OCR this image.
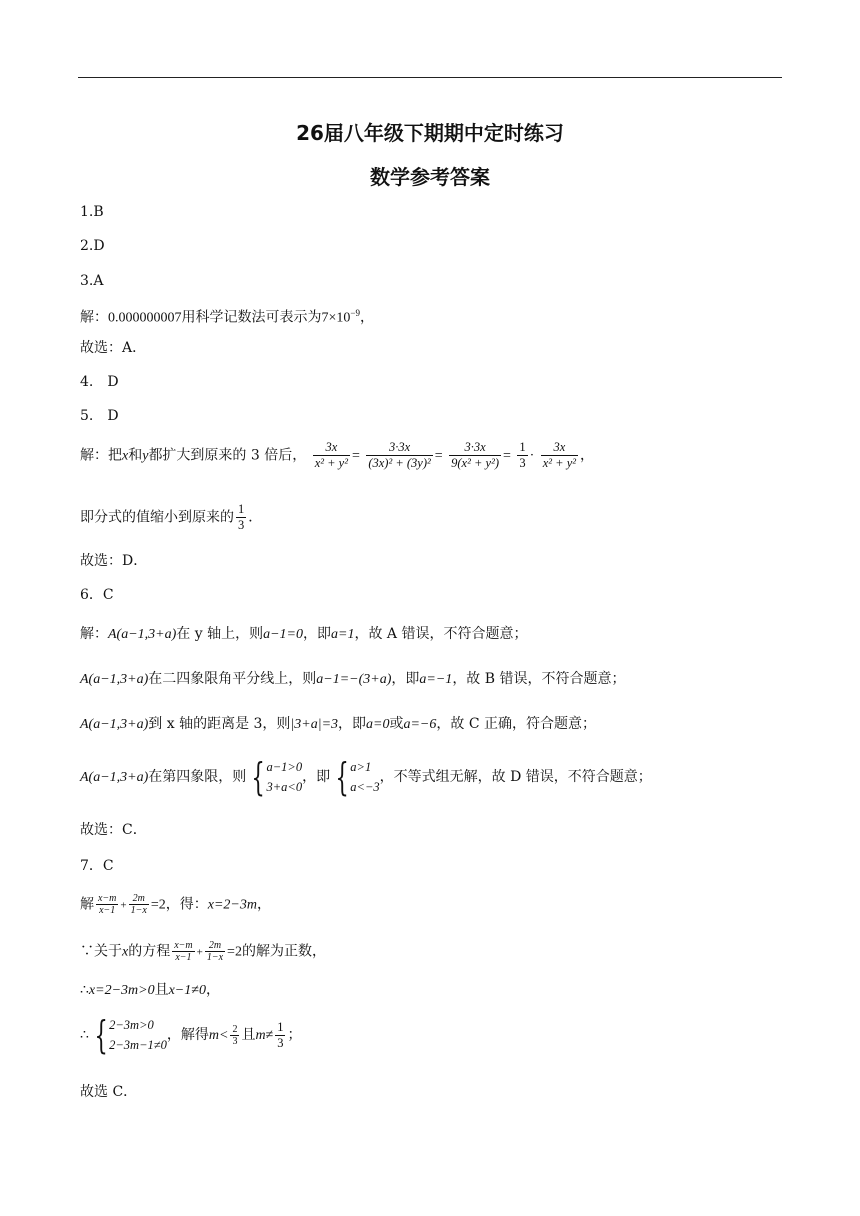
26届八年级下期期中定时练习
数学参考答案
1.B
2.D
3.A
解：0.000000007用科学记数法可表示为$7\times 10^{-9}$，
故选：A．
4.　D
5.　D
解：把x和y都扩大到原来的 3 倍后， $\frac{3x}{\text{x² + y²}} = \frac{3\cdot 3x}{\text{(3x)² + (3y)²}} = \frac{3\cdot 3x}{\text{9(x² + y²)}} = \frac{1}{3} \cdot \frac{3x}{\text{x² + y²}}$ ，
即分式的值缩小到原来的 $\frac{1}{3}$ ．
故选：D．
6．C
解：A(a−1,3+a)在 y 轴上，则a−1=0，即a=1，故 A 错误，不符合题意；
A(a−1,3+a)在二四象限角平分线上，则a−1=−(3+a)，即a=−1，故 B 错误，不符合题意；
A(a−1,3+a)到 x 轴的距离是 3，则|3+a|=3，即a=0或a=−6，故 C 正确，符合题意；
A(a−1,3+a)在第四象限，则 { a−1>0
3+a<0
，即 { a>1
a<−3
，不等式组无解，故 D 错误，不符合题意；
故选：C．
7．C
解 $\frac{x-m}{x-1} + \frac{2m}{1-x} =2$，得：x=2−3m，
∵关于x的方程 $\frac{x-m}{x-1} + \frac{2m}{1-x} =2$的解为正数，
∴x=2−3m>0且x−1≠0，
∴ { 2−3m>0
2−3m−1≠0
，解得$m< \frac{2}{3}$ 且$m\ne \frac{1}{3}$ ；
故选 C．
